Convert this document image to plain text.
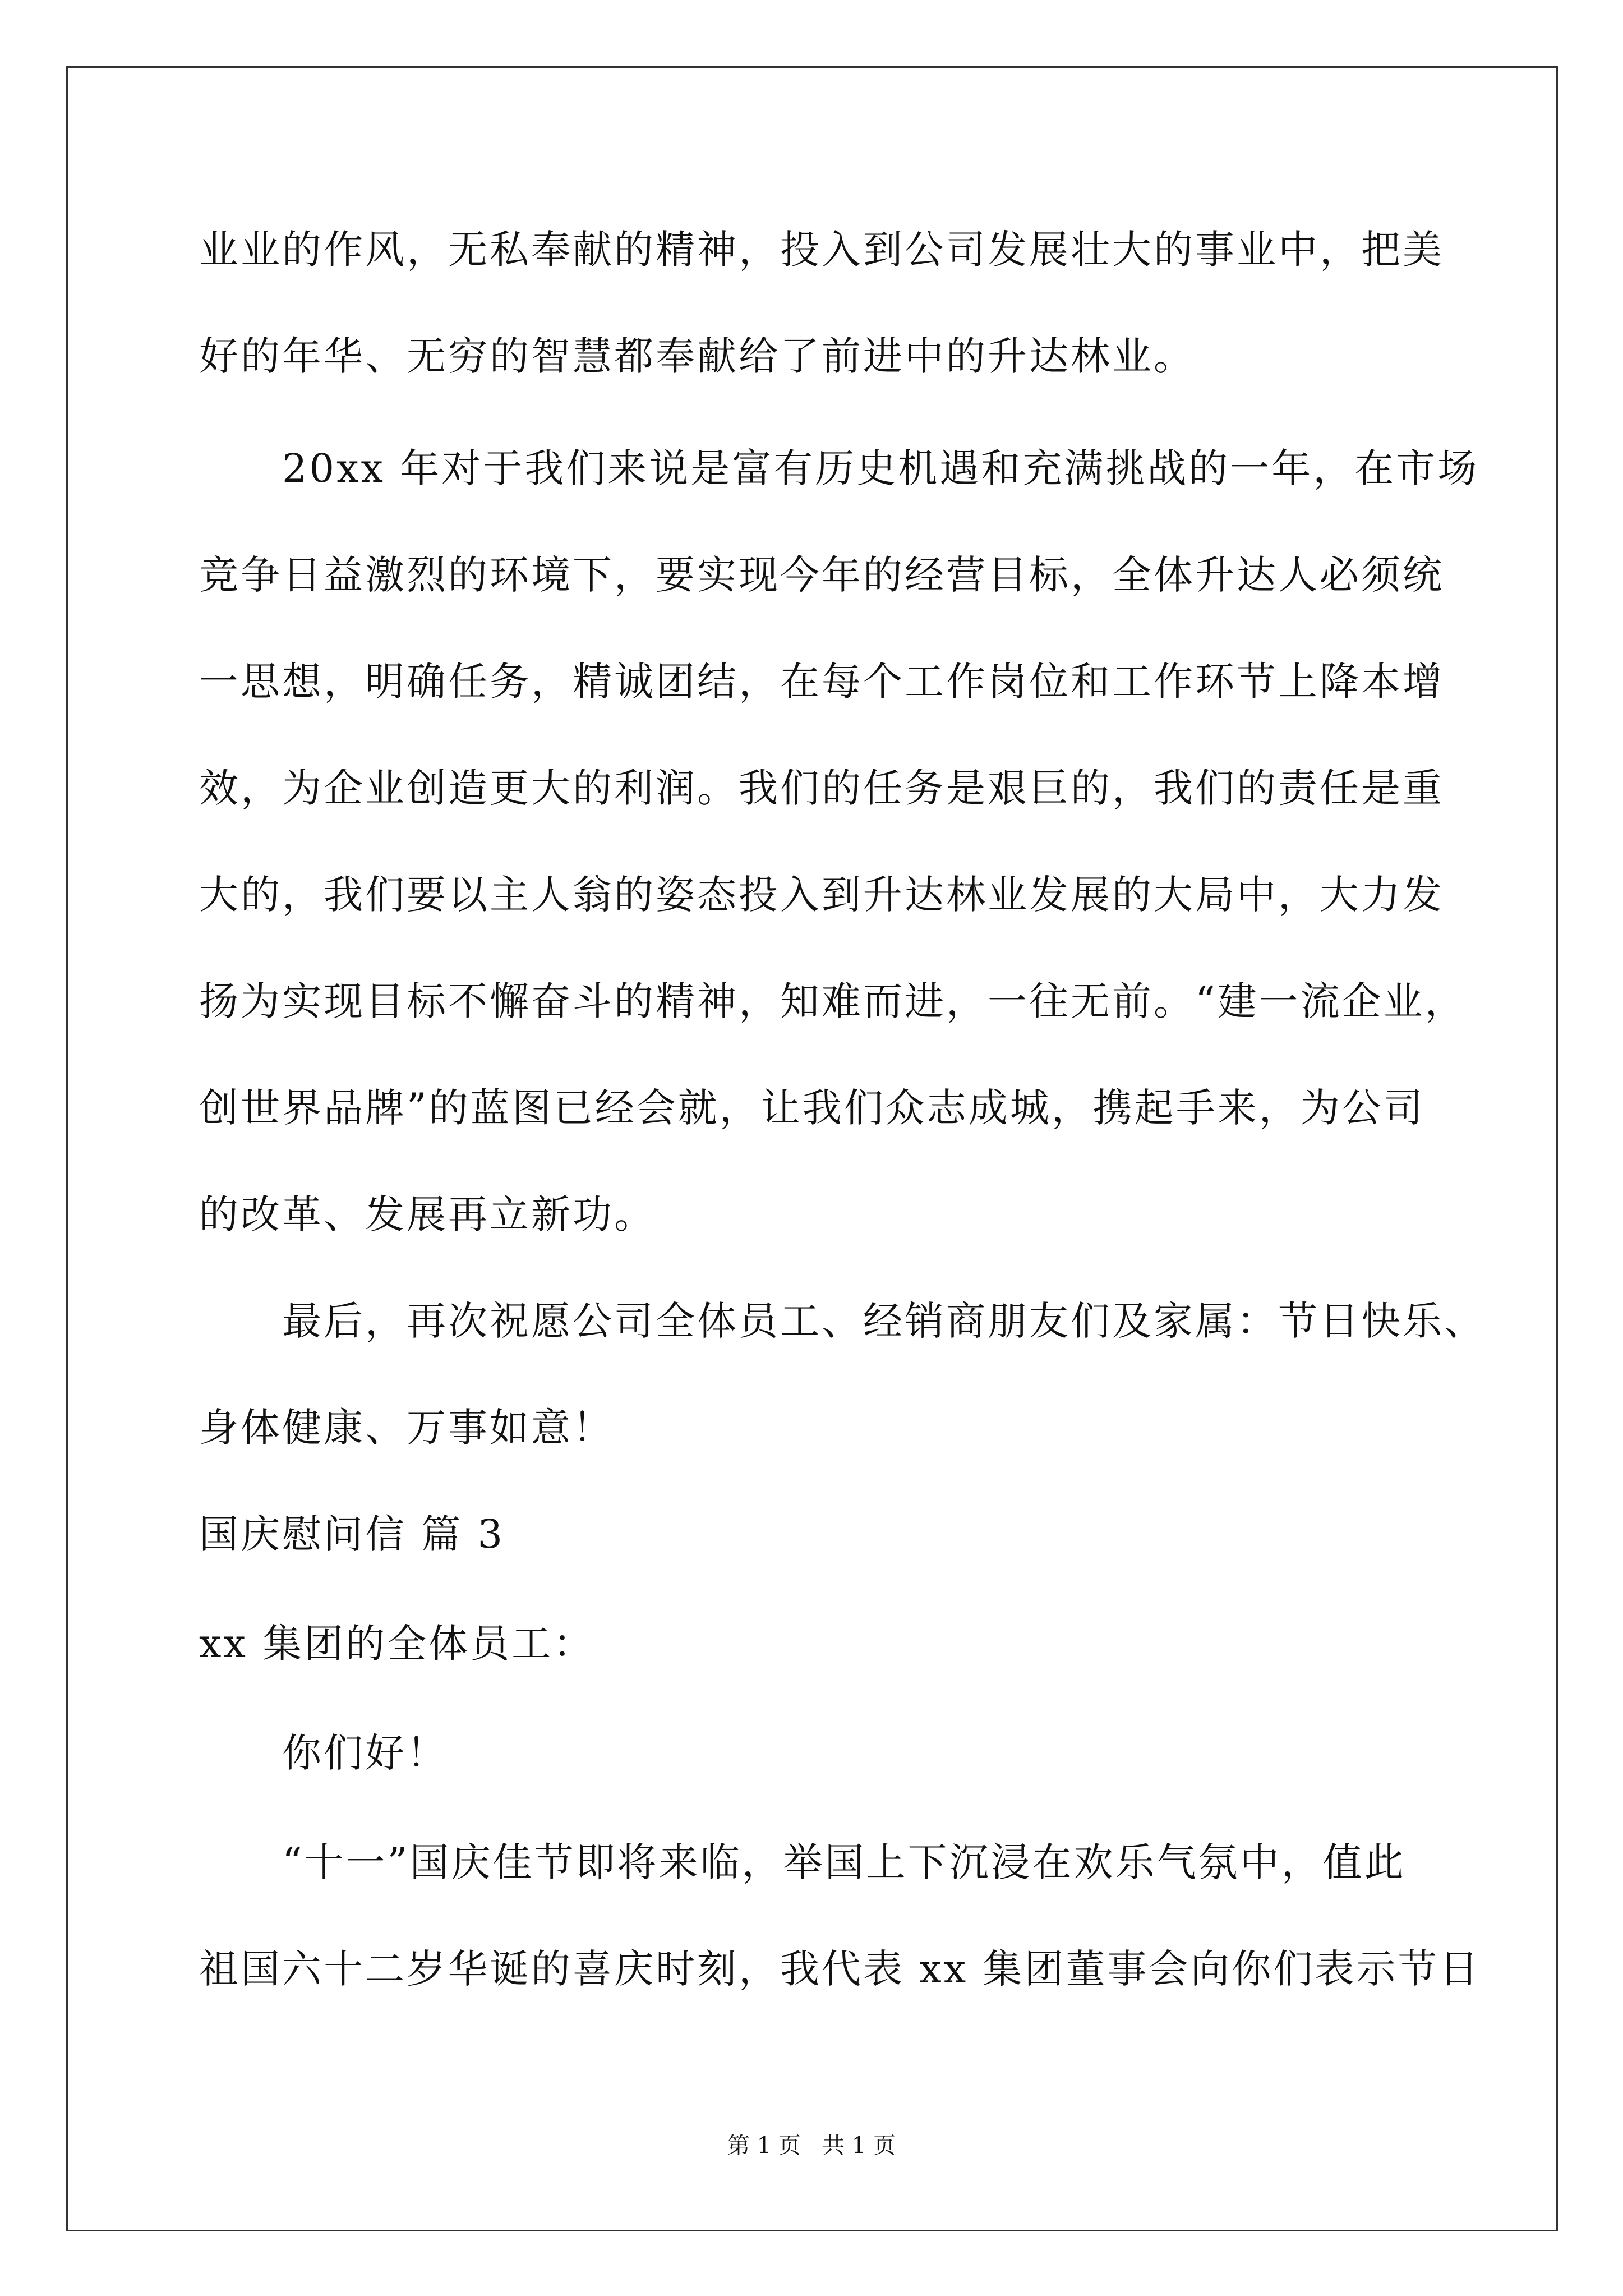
业业的作风，无私奉献的精神，投入到公司发展壮大的事业中，把美
好的年华、无穷的智慧都奉献给了前进中的升达林业。
20xx 年对于我们来说是富有历史机遇和充满挑战的一年，在市场
竞争日益激烈的环境下，要实现今年的经营目标，全体升达人必须统
一思想，明确任务，精诚团结，在每个工作岗位和工作环节上降本增
效，为企业创造更大的利润。我们的任务是艰巨的，我们的责任是重
大的，我们要以主人翁的姿态投入到升达林业发展的大局中，大力发
扬为实现目标不懈奋斗的精神，知难而进，一往无前。“建一流企业，
创世界品牌”的蓝图已经会就，让我们众志成城，携起手来，为公司
的改革、发展再立新功。
最后，再次祝愿公司全体员工、经销商朋友们及家属：节日快乐、
身体健康、万事如意！
国庆慰问信 篇 3
xx 集团的全体员工：
你们好！
“十一”国庆佳节即将来临，举国上下沉浸在欢乐气氛中，值此
祖国六十二岁华诞的喜庆时刻，我代表 xx 集团董事会向你们表示节日
第 1 页   共 1 页
